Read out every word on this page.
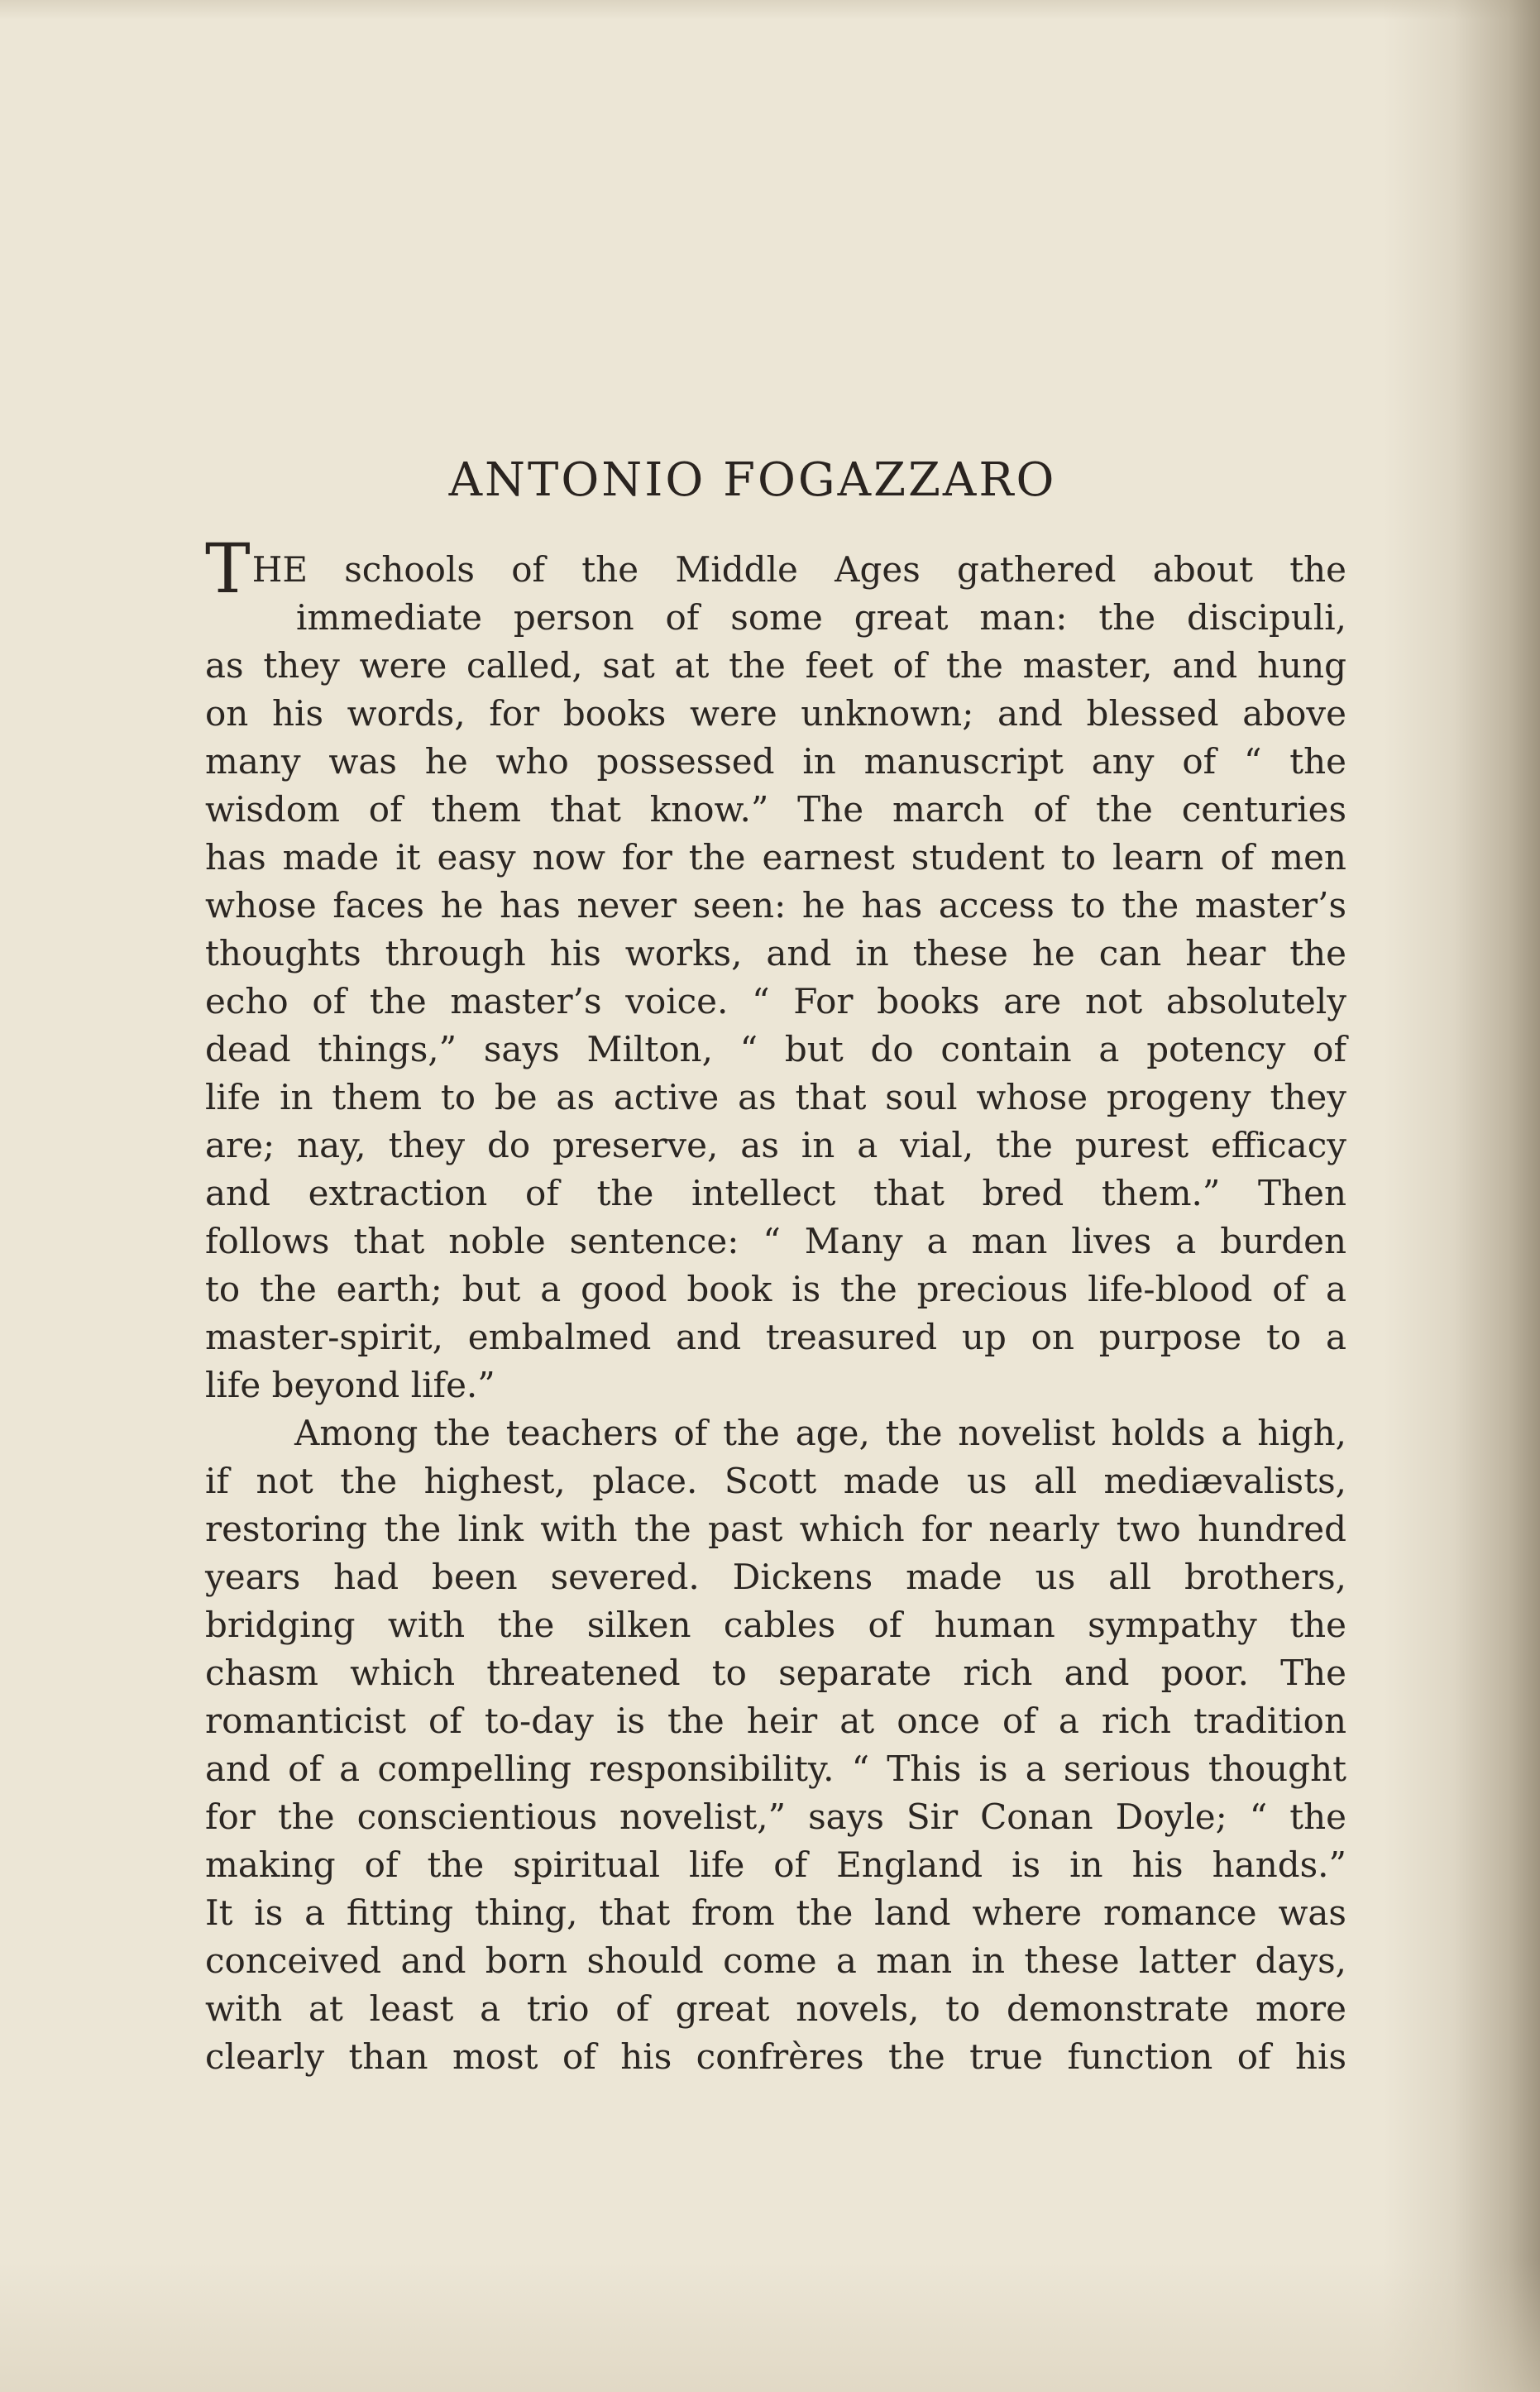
ANTONIO FOGAZZARO
THE schools of the Middle Ages gathered about the
immediate person of some great man: the discipuli,
as they were called, sat at the feet of the master, and hung
on his words, for books were unknown; and blessed above
many was he who possessed in manuscript any of “ the
wisdom of them that know.” The march of the centuries
has made it easy now for the earnest student to learn of men
whose faces he has never seen: he has access to the master’s
thoughts through his works, and in these he can hear the
echo of the master’s voice. “ For books are not absolutely
dead things,” says Milton, “ but do contain a potency of
life in them to be as active as that soul whose progeny they
are; nay, they do preserve, as in a vial, the purest efficacy
and extraction of the intellect that bred them.” Then
follows that noble sentence: “ Many a man lives a burden
to the earth; but a good book is the precious life-blood of a
master-spirit, embalmed and treasured up on purpose to a
life beyond life.”
Among the teachers of the age, the novelist holds a high,
if not the highest, place. Scott made us all mediævalists,
restoring the link with the past which for nearly two hundred
years had been severed. Dickens made us all brothers,
bridging with the silken cables of human sympathy the
chasm which threatened to separate rich and poor. The
romanticist of to-day is the heir at once of a rich tradition
and of a compelling responsibility. “ This is a serious thought
for the conscientious novelist,” says Sir Conan Doyle; “ the
making of the spiritual life of England is in his hands.”
It is a fitting thing, that from the land where romance was
conceived and born should come a man in these latter days,
with at least a trio of great novels, to demonstrate more
clearly than most of his confrères the true function of his
